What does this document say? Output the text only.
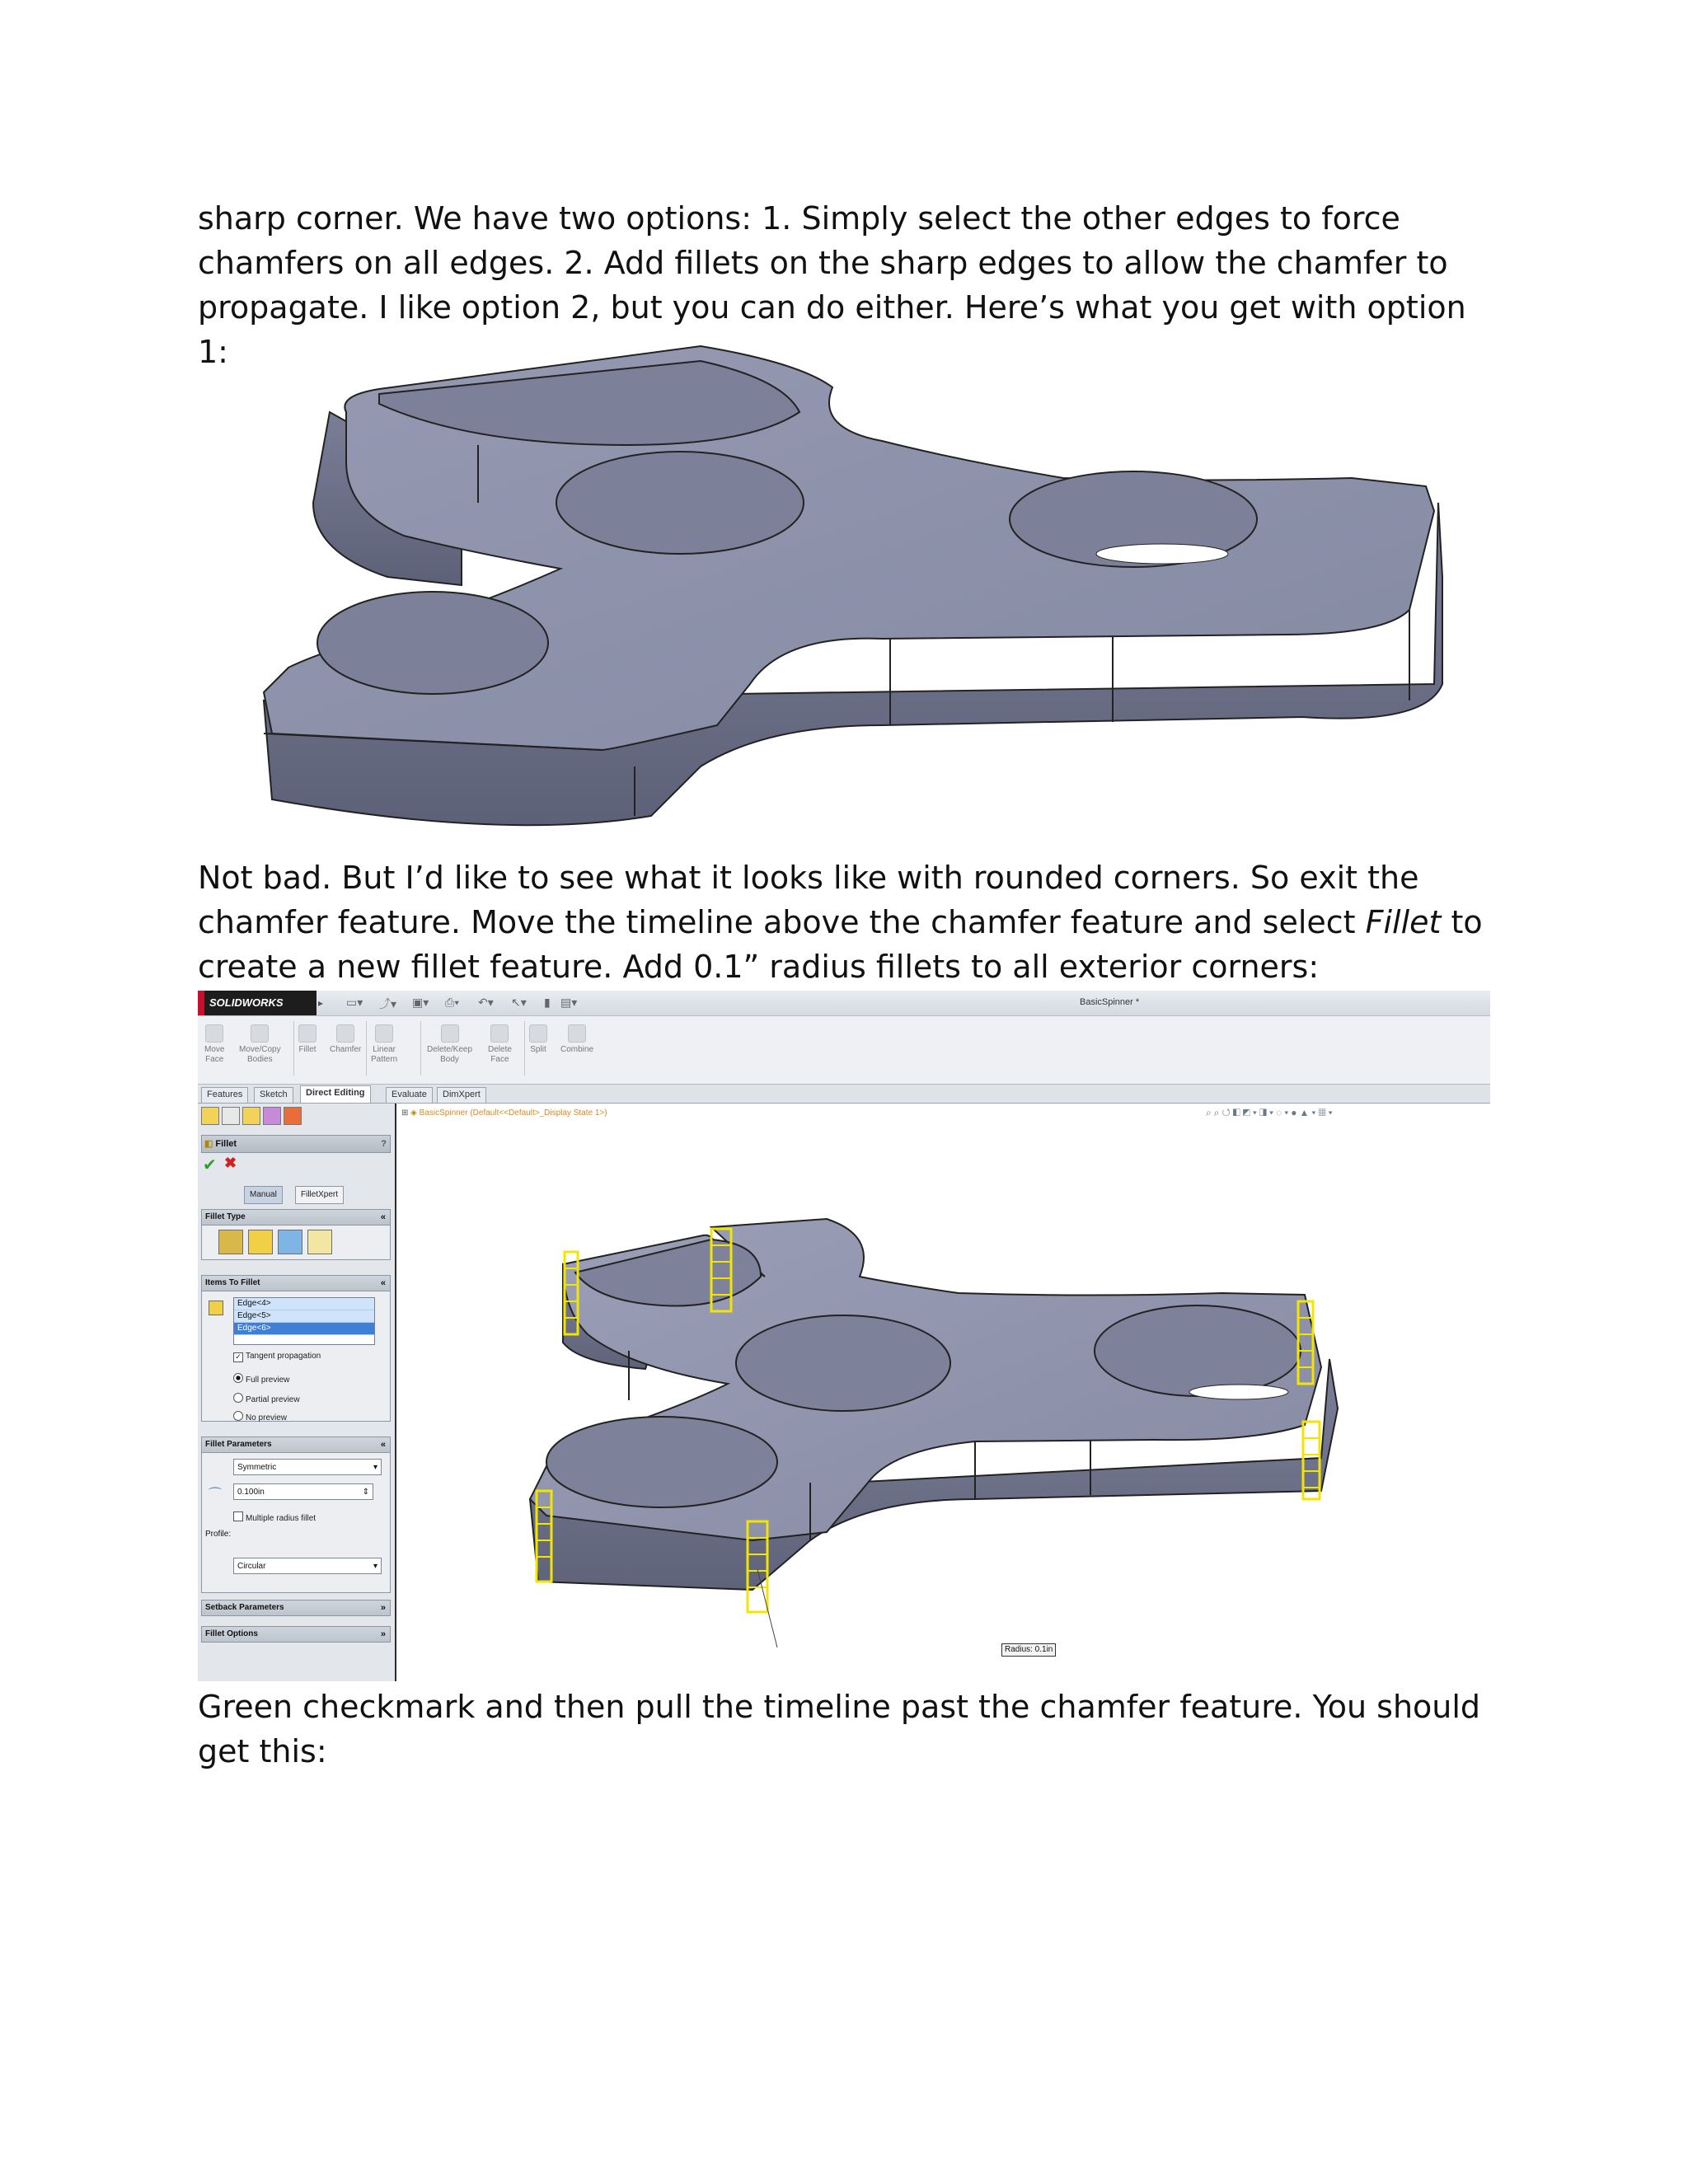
sharp corner. We have two options: 1. Simply select the other edges to force chamfers on all edges. 2. Add fillets on the sharp edges to allow the chamfer to propagate. I like option 2, but you can do either. Here’s what you get with option 1:

Not bad. But I’d like to see what it looks like with rounded corners. So exit the chamfer feature. Move the timeline above the chamfer feature and select Fillet to create a new fillet feature. Add 0.1” radius fillets to all exterior corners:

SOLIDWORKS	▸ ▭▾ ⤴▾ ▣▾ ⎙▾ ↶▾ ↖▾ ▮ ▤▾	BasicSpinner *
Move
Face
Move/Copy
Bodies
Fillet Chamfer Linear
Pattern
Delete/Keep
Body
Delete
Face
Split Combine
Features	Sketch	Direct Editing	Evaluate	DimXpert
◧ Fillet	?
✔ ✖
Manual	FilletXpert
Fillet Type	«
Items To Fillet	«
Edge<4>
Edge<5>
Edge<6>
✓ Tangent propagation
Full preview
Partial preview
No preview
Fillet Parameters	«
Symmetric	▾
⌒	0.100in	⇕
Multiple radius fillet
Profile:
Circular	▾
Setback Parameters	»
Fillet Options	»
⊞ ◈ BasicSpinner (Default<<Default>_Display State 1>)	⌕⌕↺◧◩▾◨▾◌▾●▲▾▦▾
Radius: 0.1in

Green checkmark and then pull the timeline past the chamfer feature. You should get this:
